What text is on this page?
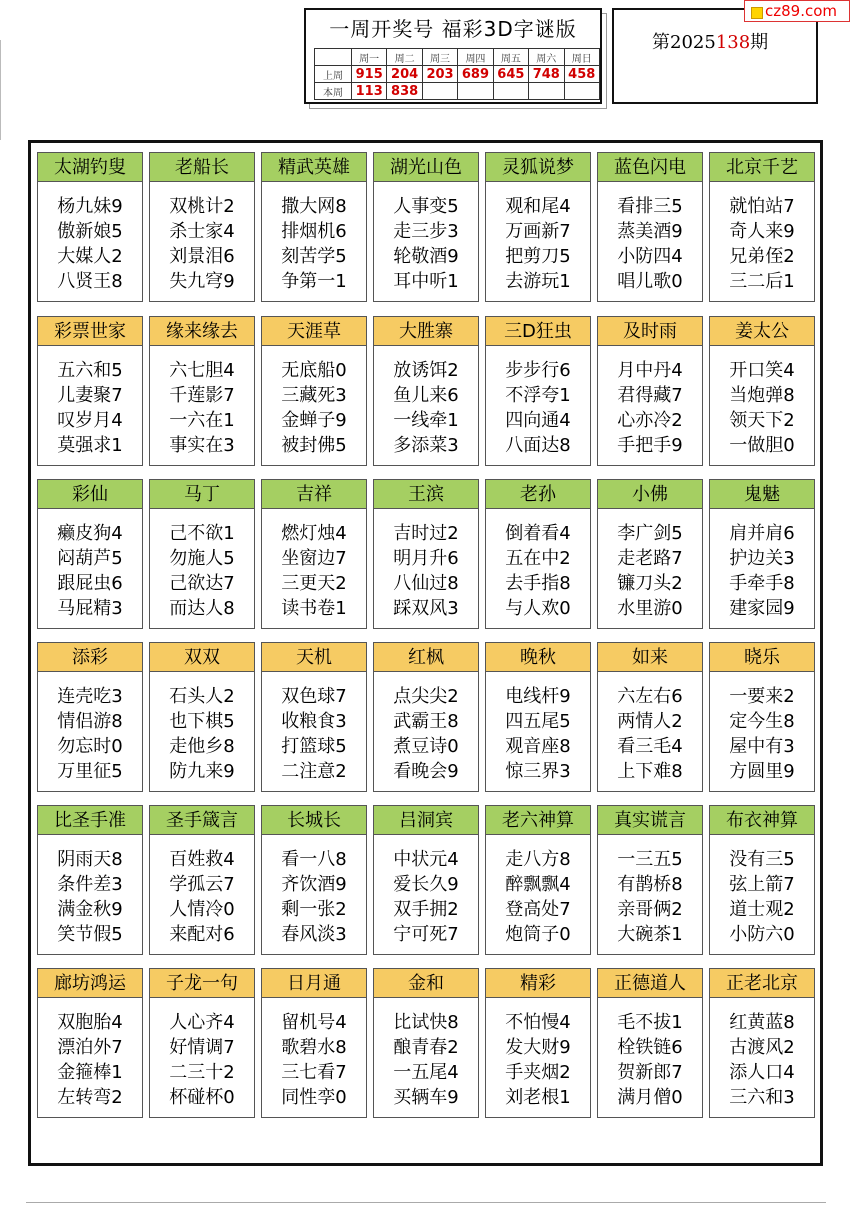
一周开奖号 福彩3D字谜版
	周一	周二	周三	周四	周五	周六	周日
上周	915	204	203	689	645	748	458
本周	113	838					
第2025138期
cz89.com
太湖钓叟
杨九妹9
傲新娘5
大媒人2
八贤王8
老船长
双桃计2
杀士家4
刘景泪6
失九穹9
精武英雄
撒大网8
排烟机6
刻苦学5
争第一1
湖光山色
人事变5
走三步3
轮敬酒9
耳中听1
灵狐说梦
观和尾4
万画新7
把剪刀5
去游玩1
蓝色闪电
看排三5
蒸美酒9
小防四4
唱儿歌0
北京千艺
就怕站7
奇人来9
兄弟侄2
三二后1
彩票世家
五六和5
儿妻聚7
叹岁月4
莫强求1
缘来缘去
六七胆4
千莲影7
一六在1
事实在3
天涯草
无底船0
三藏死3
金蝉子9
被封佛5
大胜寨
放诱饵2
鱼儿来6
一线牵1
多添菜3
三D狂虫
步步行6
不浮夸1
四向通4
八面达8
及时雨
月中丹4
君得藏7
心亦冷2
手把手9
姜太公
开口笑4
当炮弹8
领天下2
一做胆0
彩仙
癞皮狗4
闷葫芦5
跟屁虫6
马屁精3
马丁
己不欲1
勿施人5
己欲达7
而达人8
吉祥
燃灯烛4
坐窗边7
三更天2
读书卷1
王滨
吉时过2
明月升6
八仙过8
踩双风3
老孙
倒着看4
五在中2
去手指8
与人欢0
小佛
李广剑5
走老路7
镰刀头2
水里游0
鬼魅
肩并肩6
护边关3
手牵手8
建家园9
添彩
连壳吃3
情侣游8
勿忘时0
万里征5
双双
石头人2
也下棋5
走他乡8
防九来9
天机
双色球7
收粮食3
打篮球5
二注意2
红枫
点尖尖2
武霸王8
煮豆诗0
看晚会9
晚秋
电线杆9
四五尾5
观音座8
惊三界3
如来
六左右6
两情人2
看三毛4
上下难8
晓乐
一要来2
定今生8
屋中有3
方圆里9
比圣手准
阴雨天8
条件差3
满金秋9
笑节假5
圣手箴言
百姓救4
学孤云7
人情冷0
来配对6
长城长
看一八8
齐饮酒9
剩一张2
春风淡3
吕洞宾
中状元4
爱长久9
双手拥2
宁可死7
老六神算
走八方8
醉飘飘4
登高处7
炮筒子0
真实谎言
一三五5
有鹊桥8
亲哥俩2
大碗茶1
布衣神算
没有三5
弦上箭7
道士观2
小防六0
廊坊鸿运
双胞胎4
漂泊外7
金箍棒1
左转弯2
子龙一句
人心齐4
好情调7
二三十2
杯碰杯0
日月通
留机号4
歌碧水8
三七看7
同性孪0
金和
比试快8
酿青春2
一五尾4
买辆车9
精彩
不怕慢4
发大财9
手夹烟2
刘老根1
正德道人
毛不拔1
栓铁链6
贺新郎7
满月僧0
正老北京
红黄蓝8
古渡风2
添人口4
三六和3
